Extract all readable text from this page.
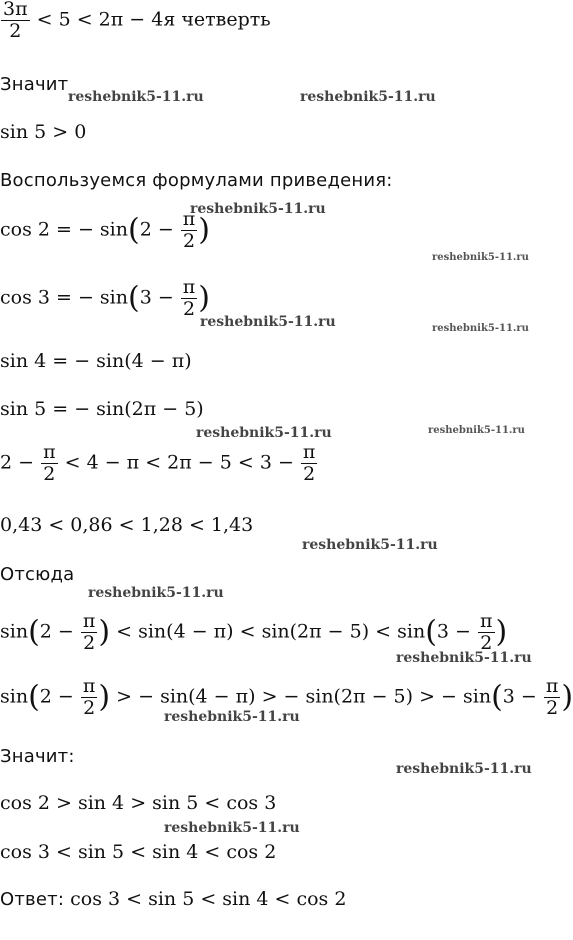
$\frac{3\pi}{2} < 5 < 2\pi - 4я$ четверть
Значит
sin 5 > 0
Воспользуемся формулами приведения:
cos 2 = − $\sin(2 - \frac{\pi}{2}$ )
cos 3 = − $\sin(3 - \frac{\pi}{2}$ )
sin 4 = − sin(4 − π)
sin 5 = − sin(2π − 5)
$2 - \frac{\pi}{2} < 4 - \pi < 2\pi - 5 < 3 - \frac{\pi}{2}$
0,43 < 0,86 < 1,28 < 1,43
Отсюда
$\sin(2 - \frac{\pi}{2}$ ) < $\sin(4 - \pi) < \sin(2\pi - 5) < \sin(3 - \frac{\pi}{2}$ )
$\sin(2 - \frac{\pi}{2}$ ) > − sin(4 − π) > − sin(2π − 5) > − $\sin(3 - \frac{\pi}{2}$ )
Значит:
cos 2 > sin 4 > sin 5 < cos 3
cos 3 < sin 5 < sin 4 < cos 2
Ответ: cos 3 < sin 5 < sin 4 < cos 2
reshebnik5-11.ru	reshebnik5-11.ru
reshebnik5-11.ru
reshebnik5-11.ru
reshebnik5-11.ru	reshebnik5-11.ru
reshebnik5-11.ru	reshebnik5-11.ru
reshebnik5-11.ru
reshebnik5-11.ru
reshebnik5-11.ru
reshebnik5-11.ru
reshebnik5-11.ru
reshebnik5-11.ru
